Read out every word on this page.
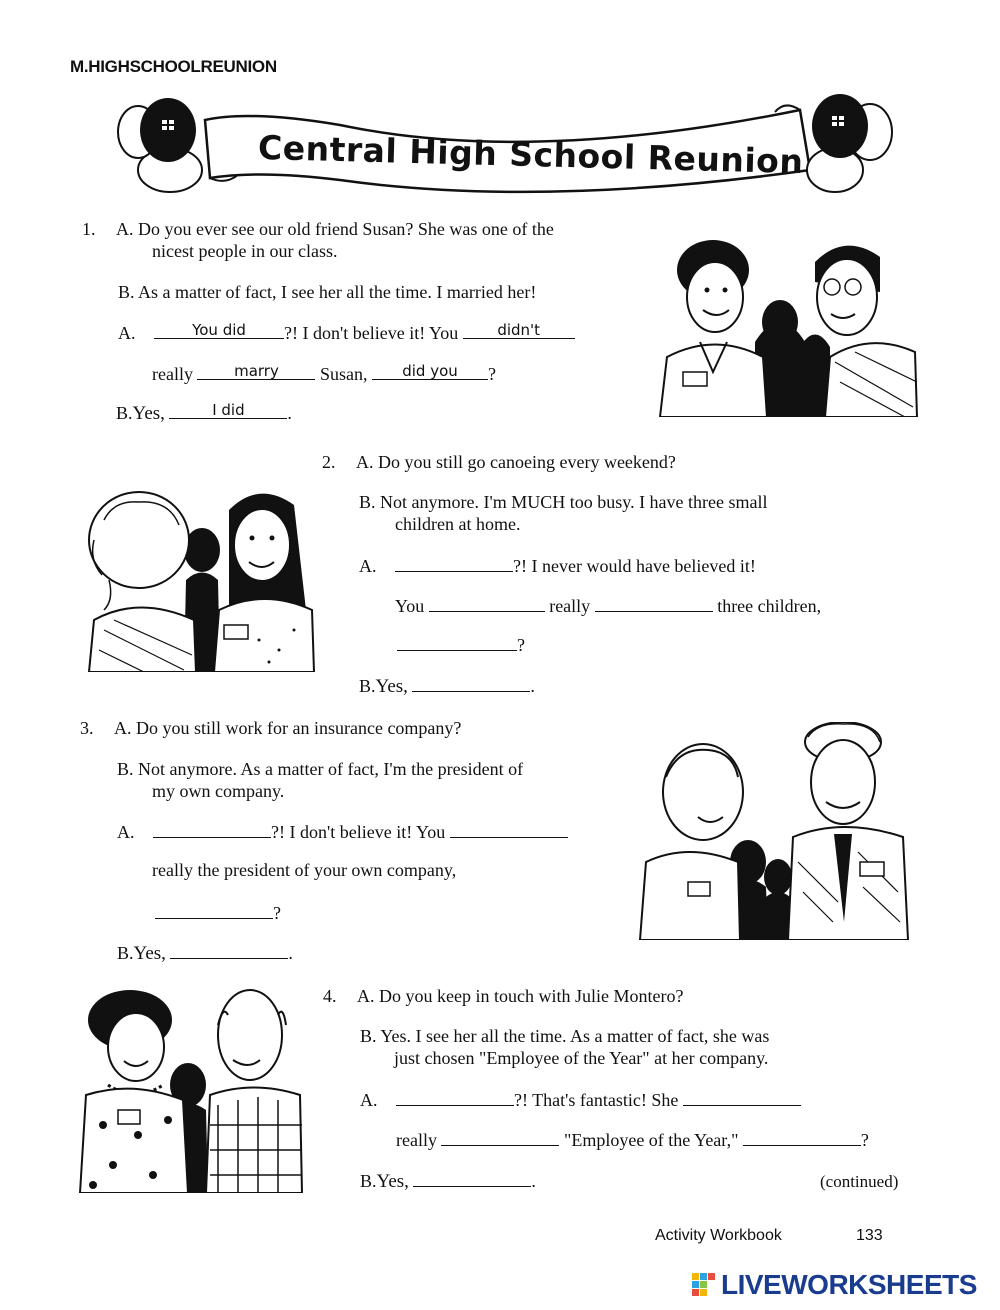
M.HIGHSCHOOLREUNION
Central High School Reunion
1. A. Do you ever see our old friend Susan? She was one of the
nicest people in our class.
B. As a matter of fact, I see her all the time. I married her!
A.	You did	?! I don't believe it! You	didn't
really	marry	Susan,	did you	?
B.Yes,	I did	.
2. A. Do you still go canoeing every weekend?
B. Not anymore. I'm MUCH too busy. I have three small
children at home.
A.	?! I never would have believed it!
You	really	three children,
?
B.Yes,	.
3. A. Do you still work for an insurance company?
B. Not anymore. As a matter of fact, I'm the president of
my own company.
A.	?! I don't believe it! You
really the president of your own company,
?
B.Yes,	.
4. A. Do you keep in touch with Julie Montero?
B. Yes. I see her all the time. As a matter of fact, she was
just chosen "Employee of the Year" at her company.
A.	?! That's fantastic! She
really	"Employee of the Year,"	?
B.Yes,	.	(continued)
Activity Workbook	133
LIVEWORKSHEETS
